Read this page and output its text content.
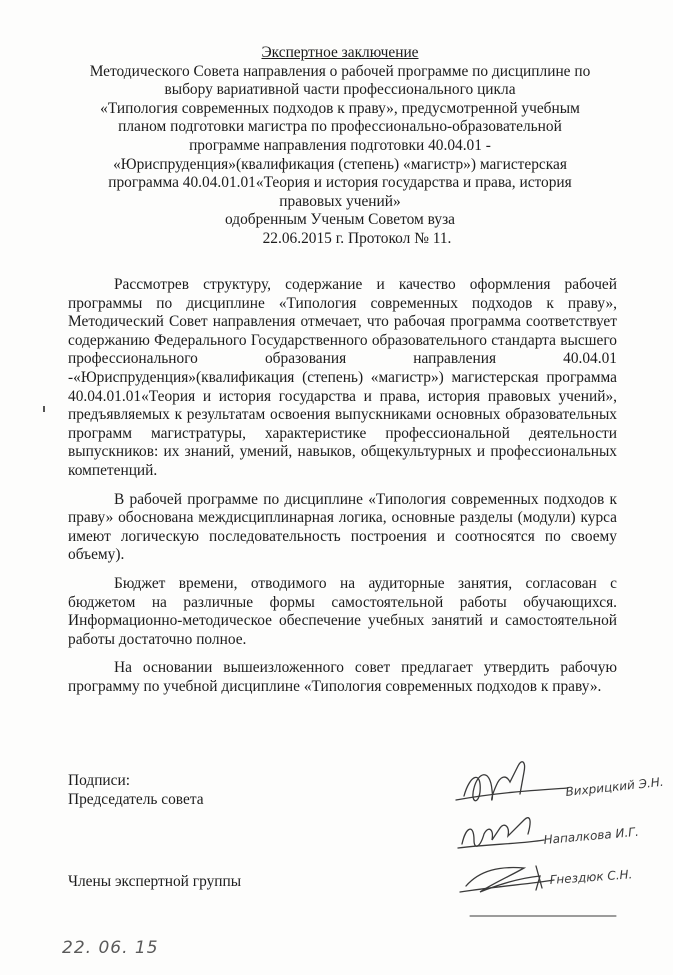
Экспертное заключение
Методического Совета направления о рабочей программе по дисциплине по
выбору вариативной части профессионального цикла
«Типология современных подходов к праву», предусмотренной учебным
планом подготовки магистра по профессионально-образовательной
программе направления подготовки 40.04.01 -
«Юриспруденция»(квалификация (степень) «магистр») магистерская
программа 40.04.01.01«Теория и история государства и права, история
правовых учений»
одобренным Ученым Советом вуза
22.06.2015 г. Протокол № 11.

Рассмотрев структуру, содержание и качество оформления рабочей программы по дисциплине «Типология современных подходов к праву», Методический Совет направления отмечает, что рабочая программа соответствует содержанию Федерального Государственного образовательного стандарта высшего профессионального образования направления 40.04.01 -«Юриспруденция»(квалификация (степень) «магистр») магистерская программа 40.04.01.01«Теория и история государства и права, история правовых учений», предъявляемых к результатам освоения выпускниками основных образовательных программ магистратуры, характеристике профессиональной деятельности выпускников: их знаний, умений, навыков, общекультурных и профессиональных компетенций.

В рабочей программе по дисциплине «Типология современных подходов к праву» обоснована междисциплинарная логика, основные разделы (модули) курса имеют логическую последовательность построения и соотносятся по своему объему).

Бюджет времени, отводимого на аудиторные занятия, согласован с бюджетом на различные формы самостоятельной работы обучающихся. Информационно-методическое обеспечение учебных занятий и самостоятельной работы достаточно полное.

На основании вышеизложенного совет предлагает утвердить рабочую программу по учебной дисциплине «Типология современных подходов к праву».

Подписи:
Председатель совета
Члены экспертной группы
Вихрицкий Э.Н.
Напалкова И.Г.
Гнездюк С.Н.
22. 06. 15
